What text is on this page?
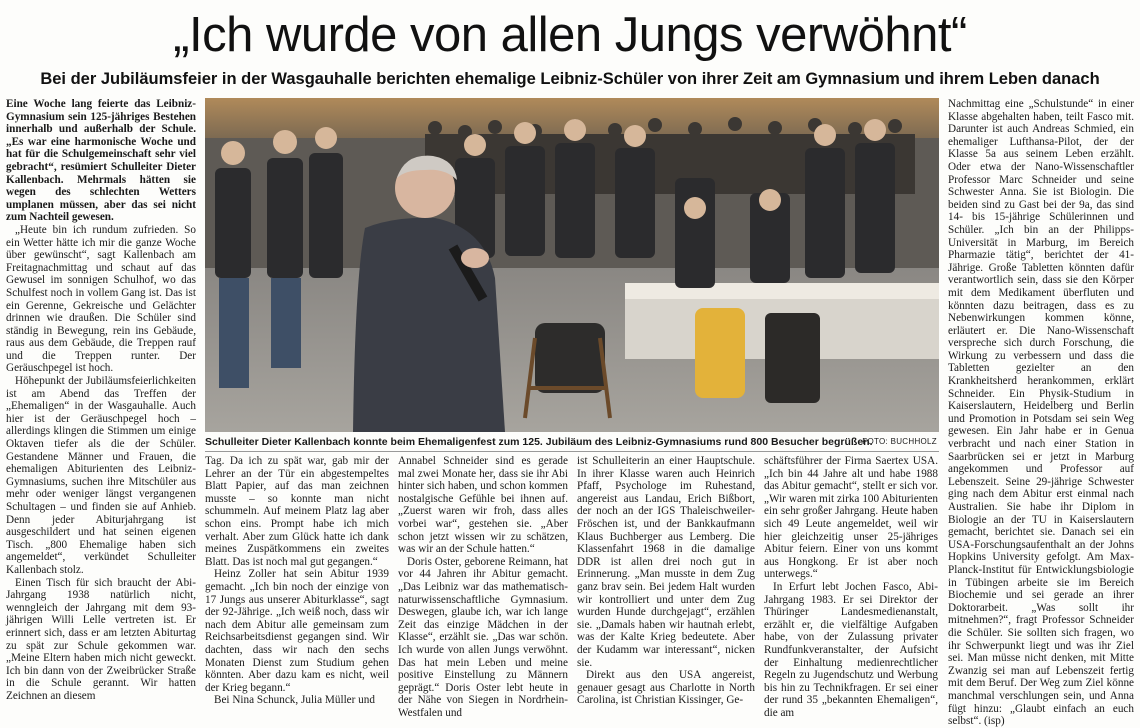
„Ich wurde von allen Jungs verwöhnt“
Bei der Jubiläumsfeier in der Wasgauhalle berichten ehemalige Leibniz-Schüler von ihrer Zeit am Gymnasium und ihrem Leben danach

Eine Woche lang feierte das Leibniz-Gymnasium sein 125-jähriges Bestehen innerhalb und außerhalb der Schule. „Es war eine harmonische Woche und hat für die Schulgemeinschaft sehr viel gebracht“, resümiert Schulleiter Dieter Kallenbach. Mehrmals hätten sie wegen des schlechten Wetters umplanen müssen, aber das sei nicht zum Nachteil gewesen.

„Heute bin ich rundum zufrieden. So ein Wetter hätte ich mir die ganze Woche über gewünscht“, sagt Kallenbach am Freitagnachmittag und schaut auf das Gewusel im sonnigen Schulhof, wo das Schulfest noch in vollem Gang ist. Das ist ein Gerenne, Gekreische und Gelächter drinnen wie draußen. Die Schüler sind ständig in Bewegung, rein ins Gebäude, raus aus dem Gebäude, die Treppen rauf und die Treppen runter. Der Geräuschpegel ist hoch.

Höhepunkt der Jubiläumsfeierlichkeiten ist am Abend das Treffen der „Ehemaligen“ in der Wasgauhalle. Auch hier ist der Geräuschpegel hoch – allerdings klingen die Stimmen um einige Oktaven tiefer als die der Schüler. Gestandene Männer und Frauen, die ehemaligen Abiturienten des Leibniz-Gymnasiums, suchen ihre Mitschüler aus mehr oder weniger längst vergangenen Schultagen – und finden sie auf Anhieb. Denn jeder Abiturjahrgang ist ausgeschildert und hat seinen eigenen Tisch. „800 Ehemalige haben sich angemeldet“, verkündet Schulleiter Kallenbach stolz.

Einen Tisch für sich braucht der Abi-Jahrgang 1938 natürlich nicht, wenngleich der Jahrgang mit dem 93-jährigen Willi Lelle vertreten ist. Er erinnert sich, dass er am letzten Abiturtag zu spät zur Schule gekommen war. „Meine Eltern haben mich nicht geweckt. Ich bin dann von der Zweibrücker Straße in die Schule gerannt. Wir hatten Zeichnen an diesem

Schulleiter Dieter Kallenbach konnte beim Ehemaligenfest zum 125. Jubiläum des Leibniz-Gymnasiums rund 800 Besucher begrüßen.
FOTO: BUCHHOLZ

Tag. Da ich zu spät war, gab mir der Lehrer an der Tür ein abgestempeltes Blatt Papier, auf das man zeichnen musste – so konnte man nicht schummeln. Auf meinem Platz lag aber schon eins. Prompt habe ich mich verhalt. Aber zum Glück hatte ich dank meines Zuspätkommens ein zweites Blatt. Das ist noch mal gut gegangen.“

Heinz Zoller hat sein Abitur 1939 gemacht. „Ich bin noch der einzige von 17 Jungs aus unserer Abiturklasse“, sagt der 92-Jährige. „Ich weiß noch, dass wir nach dem Abitur alle gemeinsam zum Reichsarbeitsdienst gegangen sind. Wir dachten, dass wir nach den sechs Monaten Dienst zum Studium gehen könnten. Aber dazu kam es nicht, weil der Krieg begann.“

Bei Nina Schunck, Julia Müller und

Annabel Schneider sind es gerade mal zwei Monate her, dass sie ihr Abi hinter sich haben, und schon kommen nostalgische Gefühle bei ihnen auf. „Zuerst waren wir froh, dass alles vorbei war“, gestehen sie. „Aber schon jetzt wissen wir zu schätzen, was wir an der Schule hatten.“

Doris Oster, geborene Reimann, hat vor 44 Jahren ihr Abitur gemacht. „Das Leibniz war das mathematisch-naturwissenschaftliche Gymnasium. Deswegen, glaube ich, war ich lange Zeit das einzige Mädchen in der Klasse“, erzählt sie. „Das war schön. Ich wurde von allen Jungs verwöhnt. Das hat mein Leben und meine positive Einstellung zu Männern geprägt.“ Doris Oster lebt heute in der Nähe von Siegen in Nordrhein-Westfalen und

ist Schulleiterin an einer Hauptschule. In ihrer Klasse waren auch Heinrich Pfaff, Psychologe im Ruhestand, angereist aus Landau, Erich Bißbort, der noch an der IGS Thaleischweiler-Fröschen ist, und der Bankkaufmann Klaus Buchberger aus Lemberg. Die Klassenfahrt 1968 in die damalige DDR ist allen drei noch gut in Erinnerung. „Man musste in dem Zug ganz brav sein. Bei jedem Halt wurden wir kontrolliert und unter dem Zug wurden Hunde durchgejagt“, erzählen sie. „Damals haben wir hautnah erlebt, was der Kalte Krieg bedeutete. Aber der Kudamm war interessant“, nicken sie.

Direkt aus den USA angereist, genauer gesagt aus Charlotte in North Carolina, ist Christian Kissinger, Ge-

schäftsführer der Firma Saertex USA. „Ich bin 44 Jahre alt und habe 1988 das Abitur gemacht“, stellt er sich vor. „Wir waren mit zirka 100 Abiturienten ein sehr großer Jahrgang. Heute haben sich 49 Leute angemeldet, weil wir hier gleichzeitig unser 25-jähriges Abitur feiern. Einer von uns kommt aus Hongkong. Er ist aber noch unterwegs.“

In Erfurt lebt Jochen Fasco, Abi-Jahrgang 1983. Er sei Direktor der Thüringer Landesmedienanstalt, erzählt er, die vielfältige Aufgaben habe, von der Zulassung privater Rundfunkveranstalter, der Aufsicht der Einhaltung medienrechtlicher Regeln zu Jugendschutz und Werbung bis hin zu Technikfragen. Er sei einer der rund 35 „bekannten Ehemaligen“, die am

Nachmittag eine „Schulstunde“ in einer Klasse abgehalten haben, teilt Fasco mit. Darunter ist auch Andreas Schmied, ein ehemaliger Lufthansa-Pilot, der der Klasse 5a aus seinem Leben erzählt. Oder etwa der Nano-Wissenschaftler Professor Marc Schneider und seine Schwester Anna. Sie ist Biologin. Die beiden sind zu Gast bei der 9a, das sind 14- bis 15-jährige Schülerinnen und Schüler. „Ich bin an der Philipps-Universität in Marburg, im Bereich Pharmazie tätig“, berichtet der 41-Jährige. Große Tabletten könnten dafür verantwortlich sein, dass sie den Körper mit dem Medikament überfluten und könnten dazu beitragen, dass es zu Nebenwirkungen kommen könne, erläutert er. Die Nano-Wissenschaft verspreche sich durch Forschung, die Wirkung zu verbessern und dass die Tabletten gezielter an den Krankheitsherd herankommen, erklärt Schneider. Ein Physik-Studium in Kaiserslautern, Heidelberg und Berlin und Promotion in Potsdam sei sein Weg gewesen. Ein Jahr habe er in Genua verbracht und nach einer Station in Saarbrücken sei er jetzt in Marburg angekommen und Professor auf Lebenszeit. Seine 29-jährige Schwester ging nach dem Abitur erst einmal nach Australien. Sie habe ihr Diplom in Biologie an der TU in Kaiserslautern gemacht, berichtet sie. Danach sei ein USA-Forschungsaufenthalt an der Johns Hopkins University gefolgt. Am Max-Planck-Institut für Entwicklungsbiologie in Tübingen arbeite sie im Bereich Biochemie und sei gerade an ihrer Doktorarbeit. „Was sollt ihr mitnehmen?“, fragt Professor Schneider die Schüler. Sie sollten sich fragen, wo ihr Schwerpunkt liegt und was ihr Ziel sei. Man müsse nicht denken, mit Mitte Zwanzig sei man auf Lebenszeit fertig mit dem Beruf. Der Weg zum Ziel könne manchmal verschlungen sein, und Anna fügt hinzu: „Glaubt einfach an euch selbst“. (isp)
